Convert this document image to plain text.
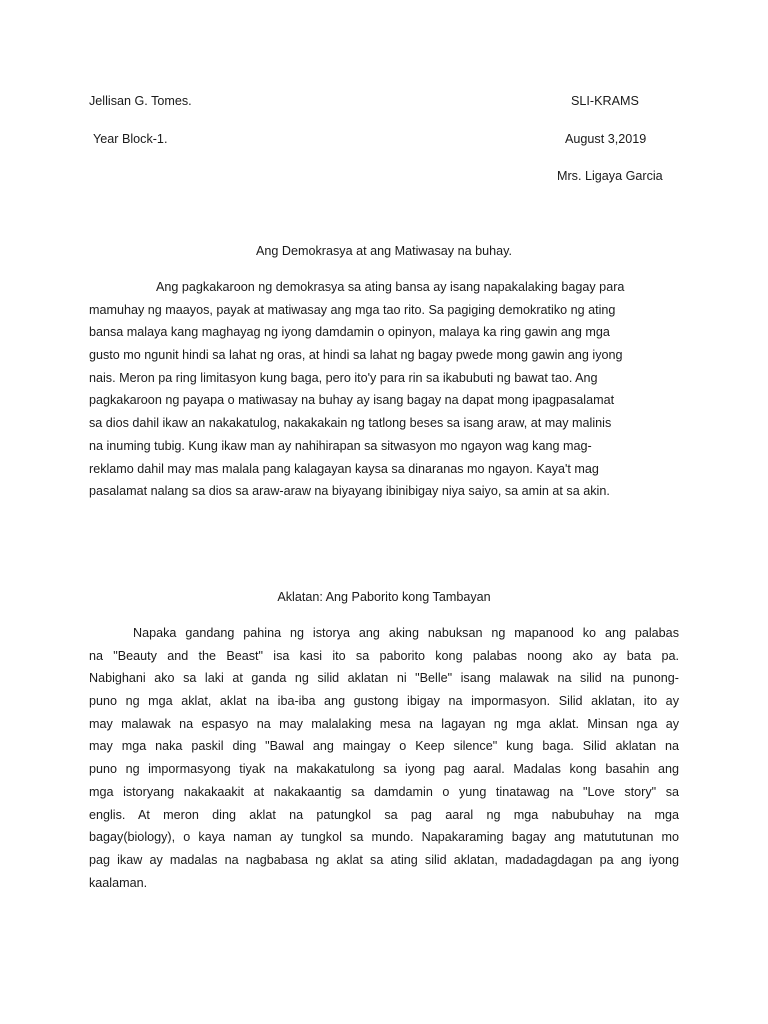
Jellisan G. Tomes.
Year Block-1.
SLI-KRAMS
August 3,2019
Mrs. Ligaya Garcia
Ang Demokrasya at ang Matiwasay na buhay.
Ang pagkakaroon ng demokrasya sa ating bansa ay isang napakalaking bagay para
mamuhay ng maayos, payak at matiwasay ang mga tao rito. Sa pagiging demokratiko ng ating
bansa malaya kang maghayag ng iyong damdamin o opinyon, malaya ka ring gawin ang mga
gusto mo ngunit hindi sa lahat ng oras, at hindi sa lahat ng bagay pwede mong gawin ang iyong
nais. Meron pa ring limitasyon kung baga, pero ito'y para rin sa ikabubuti ng bawat tao. Ang
pagkakaroon ng payapa o matiwasay na buhay ay isang bagay na dapat mong ipagpasalamat
sa dios dahil ikaw an nakakatulog, nakakakain ng tatlong beses sa isang araw, at may malinis
na inuming tubig. Kung ikaw man ay nahihirapan sa sitwasyon mo ngayon wag kang mag-
reklamo dahil may mas malala pang kalagayan kaysa sa dinaranas mo ngayon. Kaya't mag
pasalamat nalang sa dios sa araw-araw na biyayang ibinibigay niya saiyo, sa amin at sa akin.
Aklatan: Ang Paborito kong Tambayan
Napaka gandang pahina ng istorya ang aking nabuksan ng mapanood ko ang palabas
na "Beauty and the Beast" isa kasi ito sa paborito kong palabas noong ako ay bata pa.
Nabighani ako sa laki at ganda ng silid aklatan ni "Belle" isang malawak na silid na punong-
puno ng mga aklat, aklat na iba-iba ang gustong ibigay na impormasyon. Silid aklatan, ito ay
may malawak na espasyo na may malalaking mesa na lagayan ng mga aklat. Minsan nga ay
may mga naka paskil ding "Bawal ang maingay o Keep silence" kung baga. Silid aklatan na
puno ng impormasyong tiyak na makakatulong sa iyong pag aaral. Madalas kong basahin ang
mga istoryang nakakaakit at nakakaantig sa damdamin o yung tinatawag na "Love story" sa
englis. At meron ding aklat na patungkol sa pag aaral ng mga nabubuhay na mga
bagay(biology), o kaya naman ay tungkol sa mundo. Napakaraming bagay ang matututunan mo
pag ikaw ay madalas na nagbabasa ng aklat sa ating silid aklatan, madadagdagan pa ang iyong
kaalaman.
